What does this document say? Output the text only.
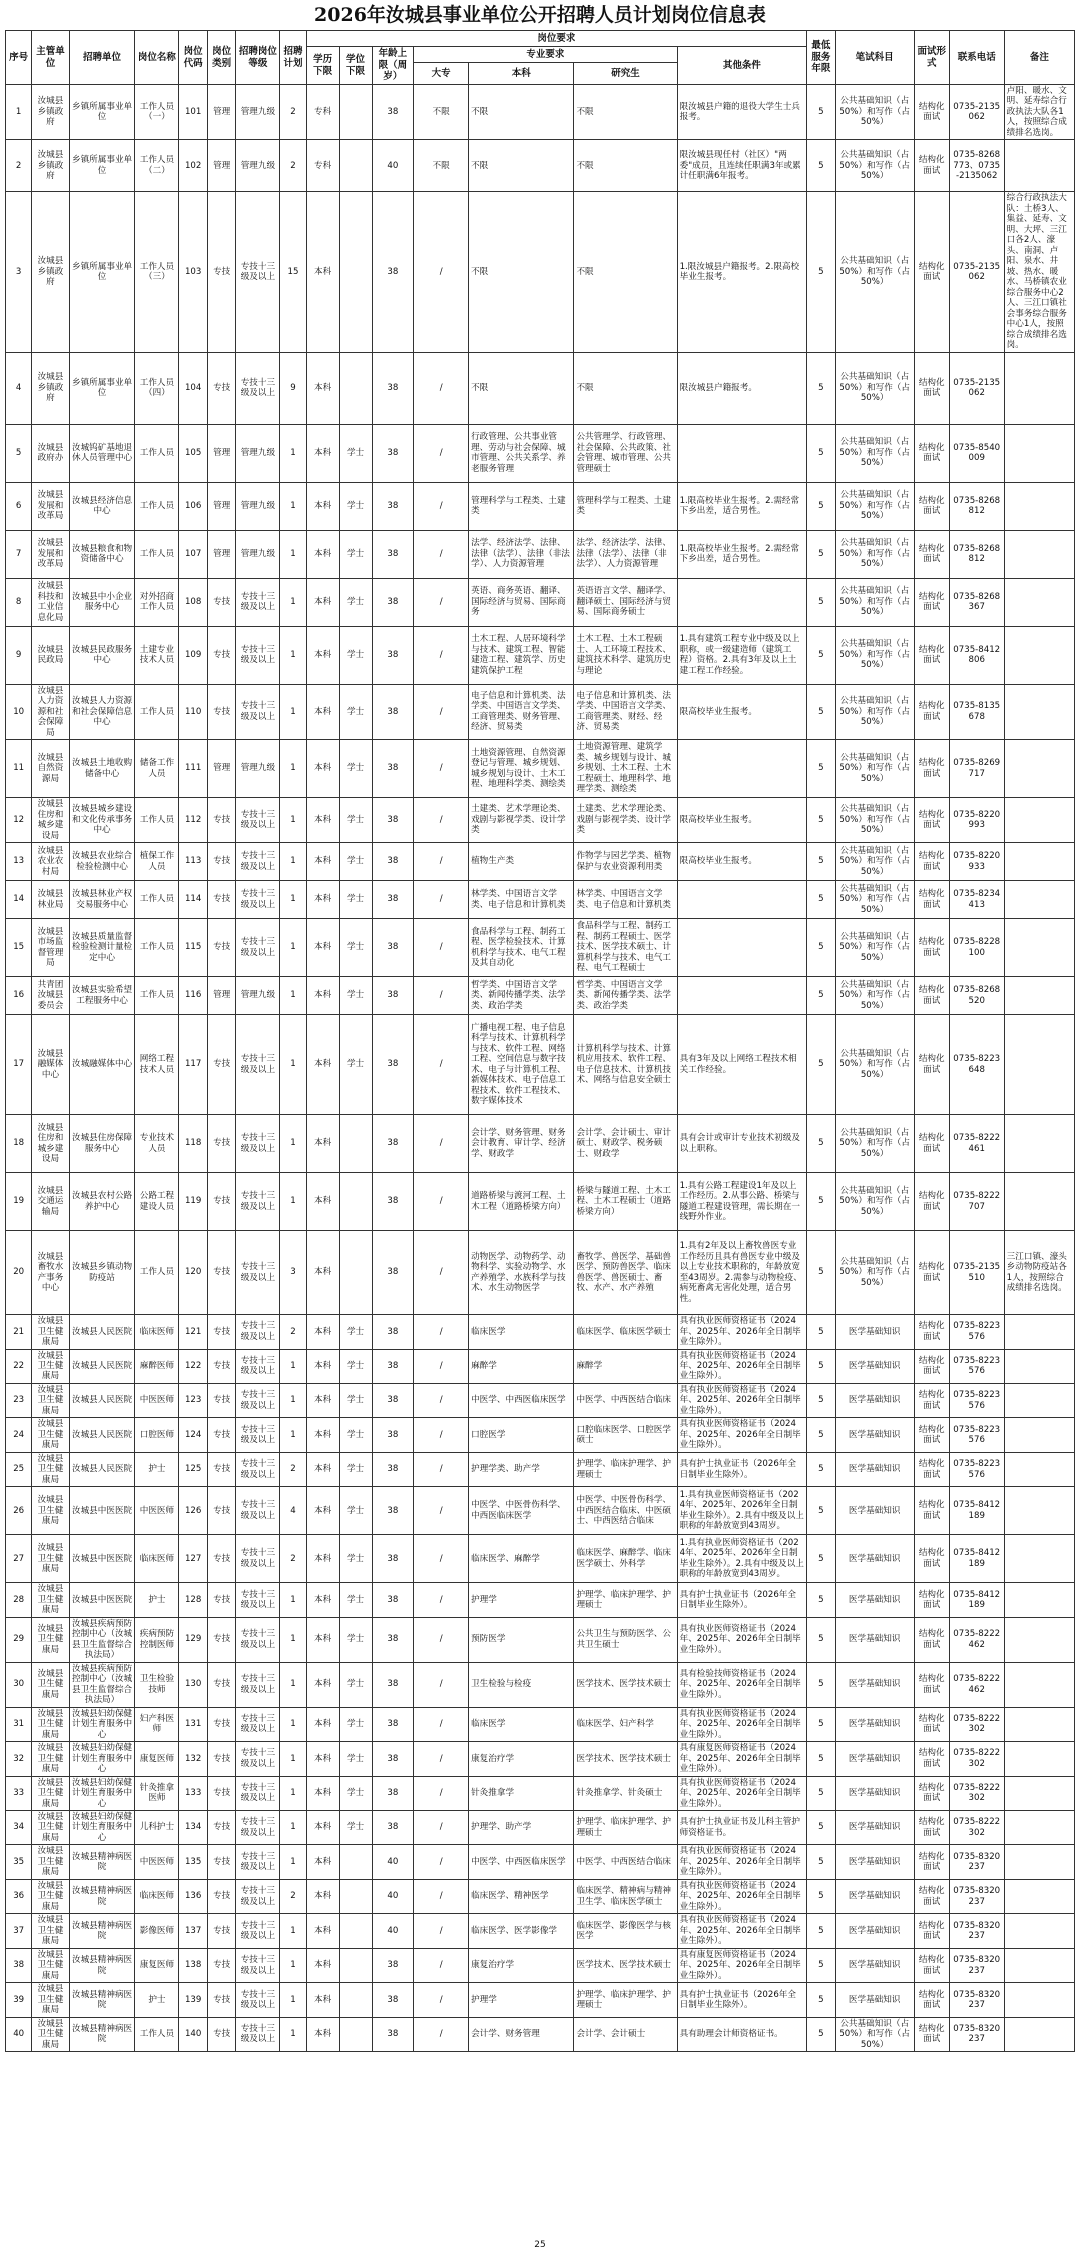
2026年汝城县事业单位公开招聘人员计划岗位信息表
序号	主管单位	招聘单位	岗位名称	岗位代码	岗位类别	招聘岗位等级	招聘计划	岗位要求							最低服务年限	笔试科目	面试形式	联系电话	备注
								学历下限	学位下限	年龄上限（周岁）	专业要求			其他条件					
											大专	本科	研究生						
1	汝城县乡镇政府	乡镇所属事业单位	工作人员（一）	101	管理	管理九级	2	专科		38	不限	不限	不限	限汝城县户籍的退役大学生士兵报考。	5	公共基础知识（占50%）和写作（占50%）	结构化面试	0735-2135062	卢阳、暖水、文明、延寿综合行政执法大队各1人，按照综合成绩排名选岗。
2	汝城县乡镇政府	乡镇所属事业单位	工作人员（二）	102	管理	管理九级	2	专科		40	不限	不限	不限	限汝城县现任村（社区）"两委"成员，且连续任职满3年或累计任职满6年报考。	5	公共基础知识（占50%）和写作（占50%）	结构化面试	0735-8268773、0735-2135062	
3	汝城县乡镇政府	乡镇所属事业单位	工作人员（三）	103	专技	专技十三级及以上	15	本科		38	/	不限	不限	1.限汝城县户籍报考。2.限高校毕业生报考。	5	公共基础知识（占50%）和写作（占50%）	结构化面试	0735-2135062	综合行政执法大队：土桥3人、集益、延寿、文明、大坪、三江口各2人、濠头、南洞、卢阳、泉水、井坡、热水、暖水、马桥镇农业综合服务中心2人、三江口镇社会事务综合服务中心1人，按照综合成绩排名选岗。
4	汝城县乡镇政府	乡镇所属事业单位	工作人员（四）	104	专技	专技十三级及以上	9	本科		38	/	不限	不限	限汝城县户籍报考。	5	公共基础知识（占50%）和写作（占50%）	结构化面试	0735-2135062	
5	汝城县政府办	汝城钨矿基地退休人员管理中心	工作人员	105	管理	管理九级	1	本科	学士	38	/	行政管理、公共事业管理、劳动与社会保障、城市管理、公共关系学、养老服务管理	公共管理学、行政管理、社会保障、公共政策、社会管理、城市管理、公共管理硕士		5	公共基础知识（占50%）和写作（占50%）	结构化面试	0735-8540009	
6	汝城县发展和改革局	汝城县经济信息中心	工作人员	106	管理	管理九级	1	本科	学士	38	/	管理科学与工程类、土建类	管理科学与工程类、土建类	1.限高校毕业生报考。2.需经常下乡出差，适合男性。	5	公共基础知识（占50%）和写作（占50%）	结构化面试	0735-8268812	
7	汝城县发展和改革局	汝城县粮食和物资储备中心	工作人员	107	管理	管理九级	1	本科	学士	38	/	法学、经济法学、法律、法律（法学）、法律（非法学）、人力资源管理	法学、经济法学、法律、法律（法学）、法律（非法学）、人力资源管理	1.限高校毕业生报考。2.需经常下乡出差，适合男性。	5	公共基础知识（占50%）和写作（占50%）	结构化面试	0735-8268812	
8	汝城县科技和工业信息化局	汝城县中小企业服务中心	对外招商工作人员	108	专技	专技十三级及以上	1	本科	学士	38	/	英语、商务英语、翻译、国际经济与贸易、国际商务	英语语言文学、翻译学、翻译硕士、国际经济与贸易、国际商务硕士		5	公共基础知识（占50%）和写作（占50%）	结构化面试	0735-8268367	
9	汝城县民政局	汝城县民政服务中心	土建专业技术人员	109	专技	专技十三级及以上	1	本科	学士	38	/	土木工程、人居环境科学与技术、建筑工程、智能建造工程、建筑学、历史建筑保护工程	土木工程、土木工程硕士、人工环境工程技术、建筑技术科学、建筑历史与理论	1.具有建筑工程专业中级及以上职称，或一级建造师（建筑工程）资格。2.具有3年及以上土建工程工作经验。	5	公共基础知识（占50%）和写作（占50%）	结构化面试	0735-8412806	
10	汝城县人力资源和社会保障局	汝城县人力资源和社会保障信息中心	工作人员	110	专技	专技十三级及以上	1	本科	学士	38	/	电子信息和计算机类、法学类、中国语言文学类、工商管理类、财务管理、经济、贸易类	电子信息和计算机类、法学类、中国语言文学类、工商管理类、财经、经济、贸易类	限高校毕业生报考。	5	公共基础知识（占50%）和写作（占50%）	结构化面试	0735-8135678	
11	汝城县自然资源局	汝城县土地收购储备中心	储备工作人员	111	管理	管理九级	1	本科	学士	38	/	土地资源管理、自然资源登记与管理、城乡规划、城乡规划与设计、土木工程、地理科学类、测绘类	土地资源管理、建筑学类、城乡规划与设计、城乡规划、土木工程、土木工程硕士、地理科学、地理学类、测绘类		5	公共基础知识（占50%）和写作（占50%）	结构化面试	0735-8269717	
12	汝城县住房和城乡建设局	汝城县城乡建设和文化传承事务中心	工作人员	112	专技	专技十三级及以上	1	本科	学士	38	/	土建类、艺术学理论类、戏剧与影视学类、设计学类	土建类、艺术学理论类、戏剧与影视学类、设计学类	限高校毕业生报考。	5	公共基础知识（占50%）和写作（占50%）	结构化面试	0735-8220993	
13	汝城县农业农村局	汝城县农业综合检验检测中心	植保工作人员	113	专技	专技十三级及以上	1	本科	学士	38	/	植物生产类	作物学与园艺学类、植物保护与农业资源利用类	限高校毕业生报考。	5	公共基础知识（占50%）和写作（占50%）	结构化面试	0735-8220933	
14	汝城县林业局	汝城县林业产权交易服务中心	工作人员	114	专技	专技十三级及以上	1	本科	学士	38	/	林学类、中国语言文学类、电子信息和计算机类	林学类、中国语言文学类、电子信息和计算机类		5	公共基础知识（占50%）和写作（占50%）	结构化面试	0735-8234413	
15	汝城县市场监督管理局	汝城县质量监督检验检测计量检定中心	工作人员	115	专技	专技十三级及以上	1	本科	学士	38	/	食品科学与工程、制药工程、医学检验技术、计算机科学与技术、电气工程及其自动化	食品科学与工程、制药工程、制药工程硕士、医学技术、医学技术硕士、计算机科学与技术、电气工程、电气工程硕士		5	公共基础知识（占50%）和写作（占50%）	结构化面试	0735-8228100	
16	共青团汝城县委员会	汝城县实验希望工程服务中心	工作人员	116	管理	管理九级	1	本科	学士	38	/	哲学类、中国语言文学类、新闻传播学类、法学类、政治学类	哲学类、中国语言文学类、新闻传播学类、法学类、政治学类		5	公共基础知识（占50%）和写作（占50%）	结构化面试	0735-8268520	
17	汝城县融媒体中心	汝城融媒体中心	网络工程技术人员	117	专技	专技十三级及以上	1	本科	学士	38	/	广播电视工程、电子信息科学与技术、计算机科学与技术、软件工程、网络工程、空间信息与数字技术、电子与计算机工程、新媒体技术、电子信息工程技术、软件工程技术、数字媒体技术	计算机科学与技术、计算机应用技术、软件工程、电子信息技术、计算机技术、网络与信息安全硕士	具有3年及以上网络工程技术相关工作经验。	5	公共基础知识（占50%）和写作（占50%）	结构化面试	0735-8223648	
18	汝城县住房和城乡建设局	汝城县住房保障服务中心	专业技术人员	118	专技	专技十三级及以上	1	本科		38	/	会计学、财务管理、财务会计教育、审计学、经济学、财政学	会计学、会计硕士、审计硕士、财政学、税务硕士、财政学	具有会计或审计专业技术初级及以上职称。	5	公共基础知识（占50%）和写作（占50%）	结构化面试	0735-8222461	
19	汝城县交通运输局	汝城县农村公路养护中心	公路工程建设人员	119	专技	专技十三级及以上	1	本科		38	/	道路桥梁与渡河工程、土木工程（道路桥梁方向）	桥梁与隧道工程、土木工程、土木工程硕士（道路桥梁方向）	1.具有公路工程建设1年及以上工作经历。2.从事公路、桥梁与隧道工程建设管理，需长期在一线野外作业。	5	公共基础知识（占50%）和写作（占50%）	结构化面试	0735-8222707	
20	汝城县畜牧水产事务中心	汝城县乡镇动物防疫站	工作人员	120	专技	专技十三级及以上	3	本科		38	/	动物医学、动物药学、动物科学、实验动物学、水产养殖学、水族科学与技术、水生动物医学	畜牧学、兽医学、基础兽医学、预防兽医学、临床兽医学、兽医硕士、畜牧、水产、水产养殖	1.具有2年及以上畜牧兽医专业工作经历且具有兽医专业中级及以上专业技术职称的，年龄放宽至43周岁。2.需参与动物检疫、病死畜禽无害化处理，适合男性。	5	公共基础知识（占50%）和写作（占50%）	结构化面试	0735-2135510	三江口镇、濠头乡动物防疫站各1人，按照综合成绩排名选岗。
21	汝城县卫生健康局	汝城县人民医院	临床医师	121	专技	专技十三级及以上	2	本科	学士	38	/	临床医学	临床医学、临床医学硕士	具有执业医师资格证书（2024年、2025年、2026年全日制毕业生除外）。	5	医学基础知识	结构化面试	0735-8223576	
22	汝城县卫生健康局	汝城县人民医院	麻醉医师	122	专技	专技十三级及以上	1	本科	学士	38	/	麻醉学	麻醉学	具有执业医师资格证书（2024年、2025年、2026年全日制毕业生除外）。	5	医学基础知识	结构化面试	0735-8223576	
23	汝城县卫生健康局	汝城县人民医院	中医医师	123	专技	专技十三级及以上	1	本科	学士	38	/	中医学、中西医临床医学	中医学、中西医结合临床	具有执业医师资格证书（2024年、2025年、2026年全日制毕业生除外）。	5	医学基础知识	结构化面试	0735-8223576	
24	汝城县卫生健康局	汝城县人民医院	口腔医师	124	专技	专技十三级及以上	1	本科	学士	38	/	口腔医学	口腔临床医学、口腔医学硕士	具有执业医师资格证书（2024年、2025年、2026年全日制毕业生除外）。	5	医学基础知识	结构化面试	0735-8223576	
25	汝城县卫生健康局	汝城县人民医院	护士	125	专技	专技十三级及以上	2	本科	学士	38	/	护理学类、助产学	护理学、临床护理学、护理硕士	具有护士执业证书（2026年全日制毕业生除外）。	5	医学基础知识	结构化面试	0735-8223576	
26	汝城县卫生健康局	汝城县中医医院	中医医师	126	专技	专技十三级及以上	4	本科	学士	38	/	中医学、中医骨伤科学、中西医临床医学	中医学、中医骨伤科学、中西医结合临床、中医硕士、中西医结合临床	1.具有执业医师资格证书（2024年、2025年、2026年全日制毕业生除外）。2.具有中级及以上职称的年龄放宽到43周岁。	5	医学基础知识	结构化面试	0735-8412189	
27	汝城县卫生健康局	汝城县中医医院	临床医师	127	专技	专技十三级及以上	2	本科	学士	38	/	临床医学、麻醉学	临床医学、麻醉学、临床医学硕士、外科学	1.具有执业医师资格证书（2024年、2025年、2026年全日制毕业生除外）。2.具有中级及以上职称的年龄放宽到43周岁。	5	医学基础知识	结构化面试	0735-8412189	
28	汝城县卫生健康局	汝城县中医医院	护士	128	专技	专技十三级及以上	1	本科	学士	38	/	护理学	护理学、临床护理学、护理硕士	具有护士执业证书（2026年全日制毕业生除外）。	5	医学基础知识	结构化面试	0735-8412189	
29	汝城县卫生健康局	汝城县疾病预防控制中心（汝城县卫生监督综合执法局）	疾病预防控制医师	129	专技	专技十三级及以上	1	本科	学士	38	/	预防医学	公共卫生与预防医学、公共卫生硕士	具有执业医师资格证书（2024年、2025年、2026年全日制毕业生除外）。	5	医学基础知识	结构化面试	0735-8222462	
30	汝城县卫生健康局	汝城县疾病预防控制中心（汝城县卫生监督综合执法局）	卫生检验技师	130	专技	专技十三级及以上	1	本科	学士	38	/	卫生检验与检疫	医学技术、医学技术硕士	具有检验技师资格证书（2024年、2025年、2026年全日制毕业生除外）。	5	医学基础知识	结构化面试	0735-8222462	
31	汝城县卫生健康局	汝城县妇幼保健计划生育服务中心	妇产科医师	131	专技	专技十三级及以上	1	本科	学士	38	/	临床医学	临床医学、妇产科学	具有执业医师资格证书（2024年、2025年、2026年全日制毕业生除外）。	5	医学基础知识	结构化面试	0735-8222302	
32	汝城县卫生健康局	汝城县妇幼保健计划生育服务中心	康复医师	132	专技	专技十三级及以上	1	本科	学士	38	/	康复治疗学	医学技术、医学技术硕士	具有康复医师资格证书（2024年、2025年、2026年全日制毕业生除外）。	5	医学基础知识	结构化面试	0735-8222302	
33	汝城县卫生健康局	汝城县妇幼保健计划生育服务中心	针灸推拿医师	133	专技	专技十三级及以上	1	本科	学士	38	/	针灸推拿学	针灸推拿学、针灸硕士	具有执业医师资格证书（2024年、2025年、2026年全日制毕业生除外）。	5	医学基础知识	结构化面试	0735-8222302	
34	汝城县卫生健康局	汝城县妇幼保健计划生育服务中心	儿科护士	134	专技	专技十三级及以上	1	本科	学士	38	/	护理学、助产学	护理学、临床护理学、护理硕士	具有护士执业证书及儿科主管护师资格证书。	5	医学基础知识	结构化面试	0735-8222302	
35	汝城县卫生健康局	汝城县精神病医院	中医医师	135	专技	专技十三级及以上	1	本科		40	/	中医学、中西医临床医学	中医学、中西医结合临床	具有执业医师资格证书（2024年、2025年、2026年全日制毕业生除外）。	5	医学基础知识	结构化面试	0735-8320237	
36	汝城县卫生健康局	汝城县精神病医院	临床医师	136	专技	专技十三级及以上	2	本科		40	/	临床医学、精神医学	临床医学、精神病与精神卫生学、临床医学硕士	具有执业医师资格证书（2024年、2025年、2026年全日制毕业生除外）。	5	医学基础知识	结构化面试	0735-8320237	
37	汝城县卫生健康局	汝城县精神病医院	影像医师	137	专技	专技十三级及以上	1	本科		40	/	临床医学、医学影像学	临床医学、影像医学与核医学	具有执业医师资格证书（2024年、2025年、2026年全日制毕业生除外）。	5	医学基础知识	结构化面试	0735-8320237	
38	汝城县卫生健康局	汝城县精神病医院	康复医师	138	专技	专技十三级及以上	1	本科		38	/	康复治疗学	医学技术、医学技术硕士	具有康复医师资格证书（2024年、2025年、2026年全日制毕业生除外）。	5	医学基础知识	结构化面试	0735-8320237	
39	汝城县卫生健康局	汝城县精神病医院	护士	139	专技	专技十三级及以上	1	本科		38	/	护理学	护理学、临床护理学、护理硕士	具有护士执业证书（2026年全日制毕业生除外）。	5	医学基础知识	结构化面试	0735-8320237	
40	汝城县卫生健康局	汝城县精神病医院	工作人员	140	专技	专技十三级及以上	1	本科		38	/	会计学、财务管理	会计学、会计硕士	具有助理会计师资格证书。	5	公共基础知识（占50%）和写作（占50%）	结构化面试	0735-8320237	
25
